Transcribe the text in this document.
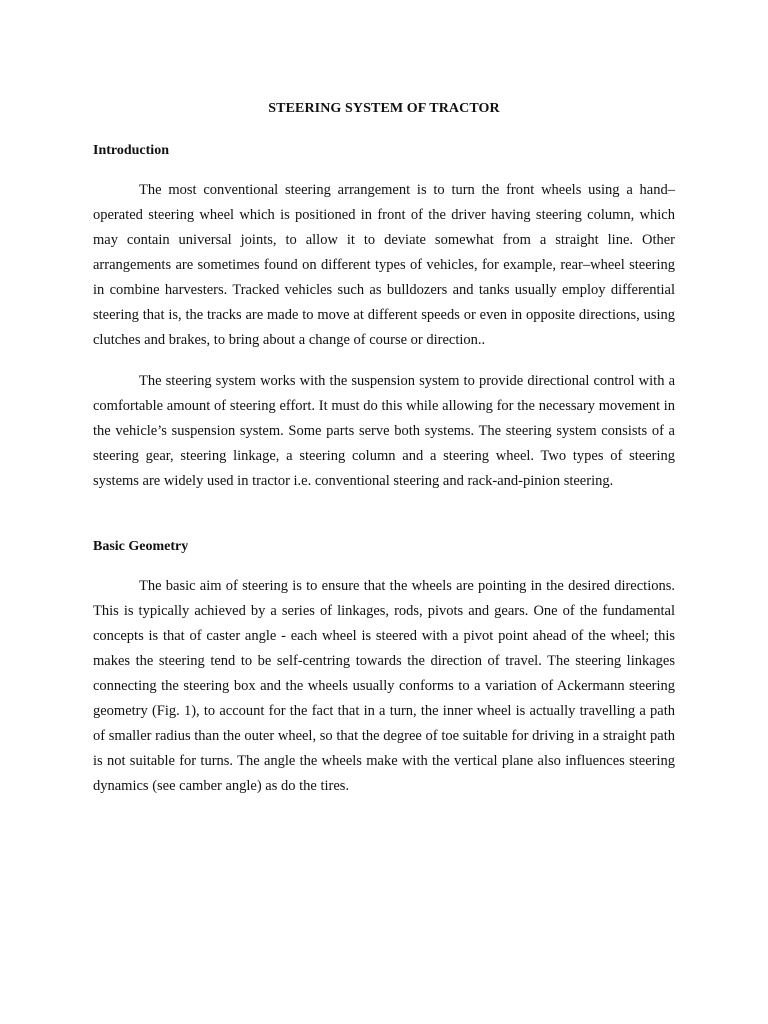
STEERING SYSTEM OF TRACTOR
Introduction

The most conventional steering arrangement is to turn the front wheels using a hand–operated steering wheel which is positioned in front of the driver having steering column, which may contain universal joints, to allow it to deviate somewhat from a straight line. Other arrangements are sometimes found on different types of vehicles, for example, rear–wheel steering in combine harvesters. Tracked vehicles such as bulldozers and tanks usually employ differential steering that is, the tracks are made to move at different speeds or even in opposite directions, using clutches and brakes, to bring about a change of course or direction..

The steering system works with the suspension system to provide directional control with a comfortable amount of steering effort. It must do this while allowing for the necessary movement in the vehicle’s suspension system. Some parts serve both systems. The steering system consists of a steering gear, steering linkage, a steering column and a steering wheel. Two types of steering systems are widely used in tractor i.e. conventional steering and rack-and-pinion steering.

Basic Geometry

The basic aim of steering is to ensure that the wheels are pointing in the desired directions. This is typically achieved by a series of linkages, rods, pivots and gears. One of the fundamental concepts is that of caster angle - each wheel is steered with a pivot point ahead of the wheel; this makes the steering tend to be self-centring towards the direction of travel. The steering linkages connecting the steering box and the wheels usually conforms to a variation of Ackermann steering geometry (Fig. 1), to account for the fact that in a turn, the inner wheel is actually travelling a path of smaller radius than the outer wheel, so that the degree of toe suitable for driving in a straight path is not suitable for turns. The angle the wheels make with the vertical plane also influences steering dynamics (see camber angle) as do the tires.
